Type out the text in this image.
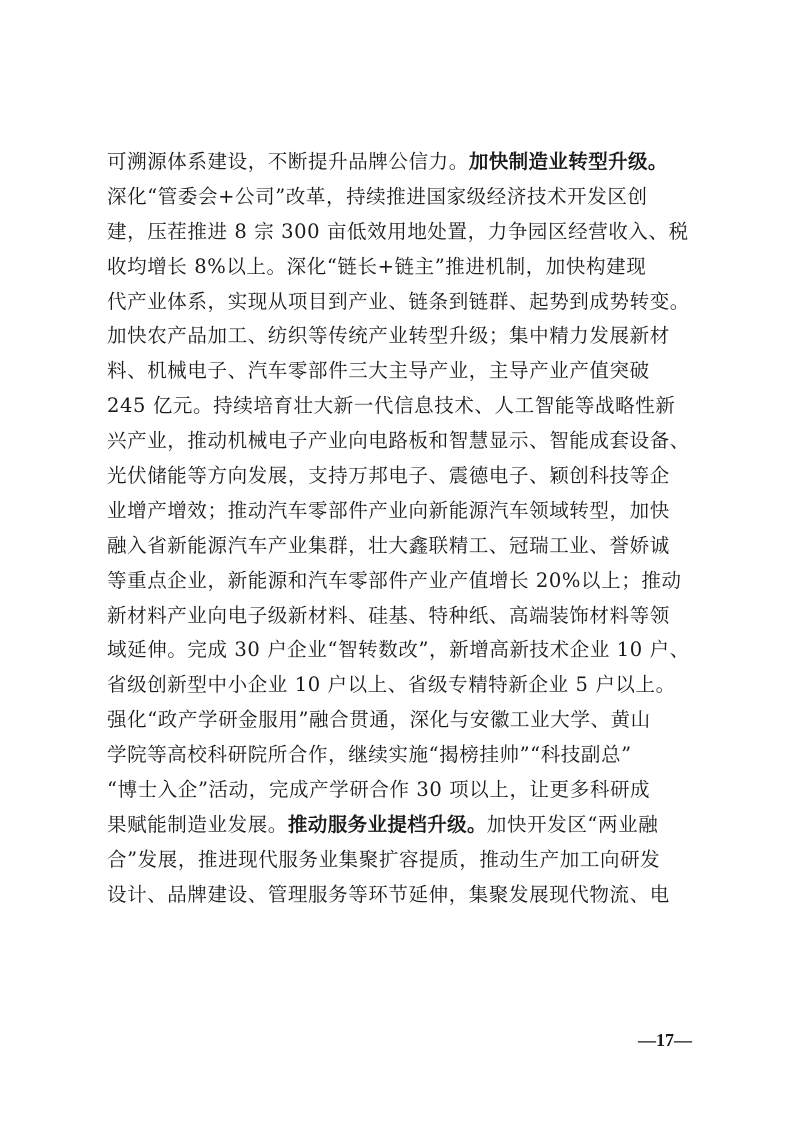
可溯源体系建设，不断提升品牌公信力。加快制造业转型升级。
深化“管委会+公司”改革，持续推进国家级经济技术开发区创
建，压茬推进 8 宗 300 亩低效用地处置，力争园区经营收入、税
收均增长 8%以上。深化“链长+链主”推进机制，加快构建现
代产业体系，实现从项目到产业、链条到链群、起势到成势转变。
加快农产品加工、纺织等传统产业转型升级；集中精力发展新材
料、机械电子、汽车零部件三大主导产业，主导产业产值突破
245 亿元。持续培育壮大新一代信息技术、人工智能等战略性新
兴产业，推动机械电子产业向电路板和智慧显示、智能成套设备、
光伏储能等方向发展，支持万邦电子、震德电子、颖创科技等企
业增产增效；推动汽车零部件产业向新能源汽车领域转型，加快
融入省新能源汽车产业集群，壮大鑫联精工、冠瑞工业、誉娇诚
等重点企业，新能源和汽车零部件产业产值增长 20%以上；推动
新材料产业向电子级新材料、硅基、特种纸、高端装饰材料等领
域延伸。完成 30 户企业“智转数改”，新增高新技术企业 10 户、
省级创新型中小企业 10 户以上、省级专精特新企业 5 户以上。
强化“政产学研金服用”融合贯通，深化与安徽工业大学、黄山
学院等高校科研院所合作，继续实施“揭榜挂帅”“科技副总”
“博士入企”活动，完成产学研合作 30 项以上，让更多科研成
果赋能制造业发展。推动服务业提档升级。加快开发区“两业融
合”发展，推进现代服务业集聚扩容提质，推动生产加工向研发
设计、品牌建设、管理服务等环节延伸，集聚发展现代物流、电
—17—
